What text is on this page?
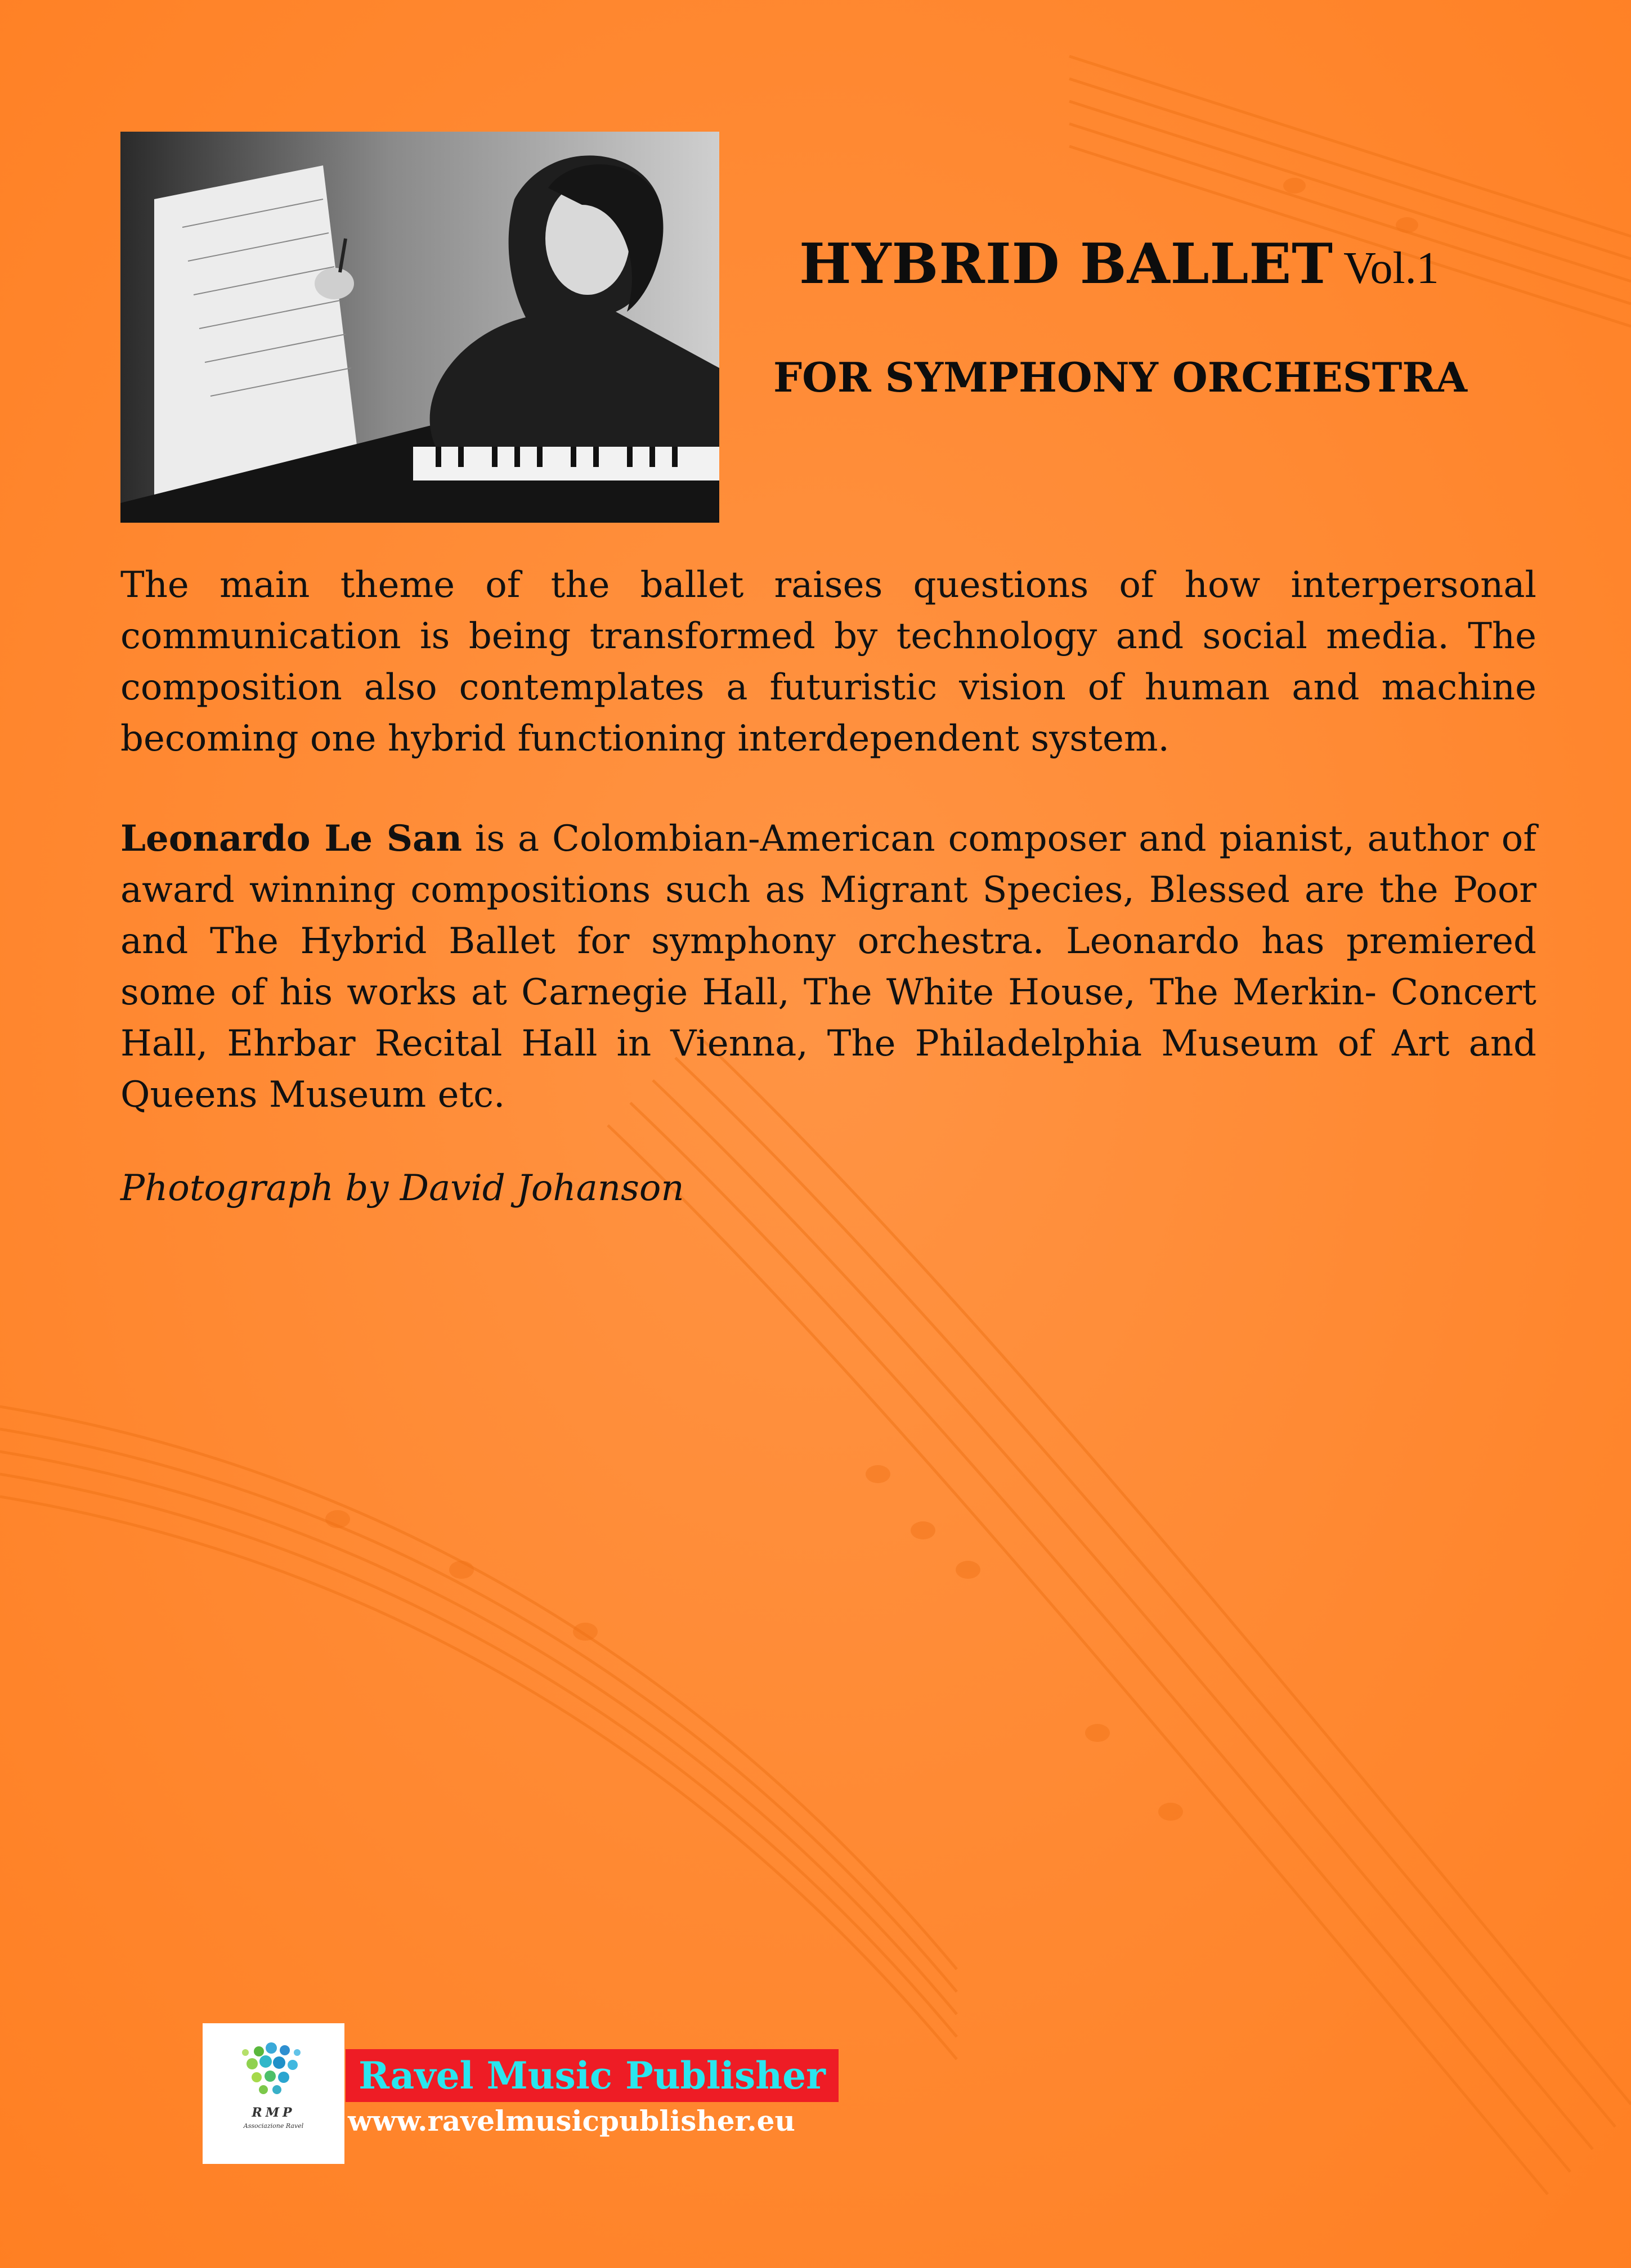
HYBRID BALLET Vol.1
FOR SYMPHONY ORCHESTRA

The main theme of the ballet raises questions of how interpersonal communication is being transformed by technology and social media. The composition also contemplates a futuristic vision of human and machine becoming one hybrid functioning interdependent system.

Leonardo Le San is a Colombian-American composer and pianist, author of award winning compositions such as Migrant Species, Blessed are the Poor and The Hybrid Ballet for symphony orchestra. Leonardo has premiered some of his works at Carnegie Hall, The White House, The Merkin- Concert Hall, Ehrbar Recital Hall in Vienna, The Philadelphia Museum of Art and Queens Museum etc.

Photograph by David Johanson
RMP
Associazione Ravel
Ravel Music Publisher
www.ravelmusicpublisher.eu
